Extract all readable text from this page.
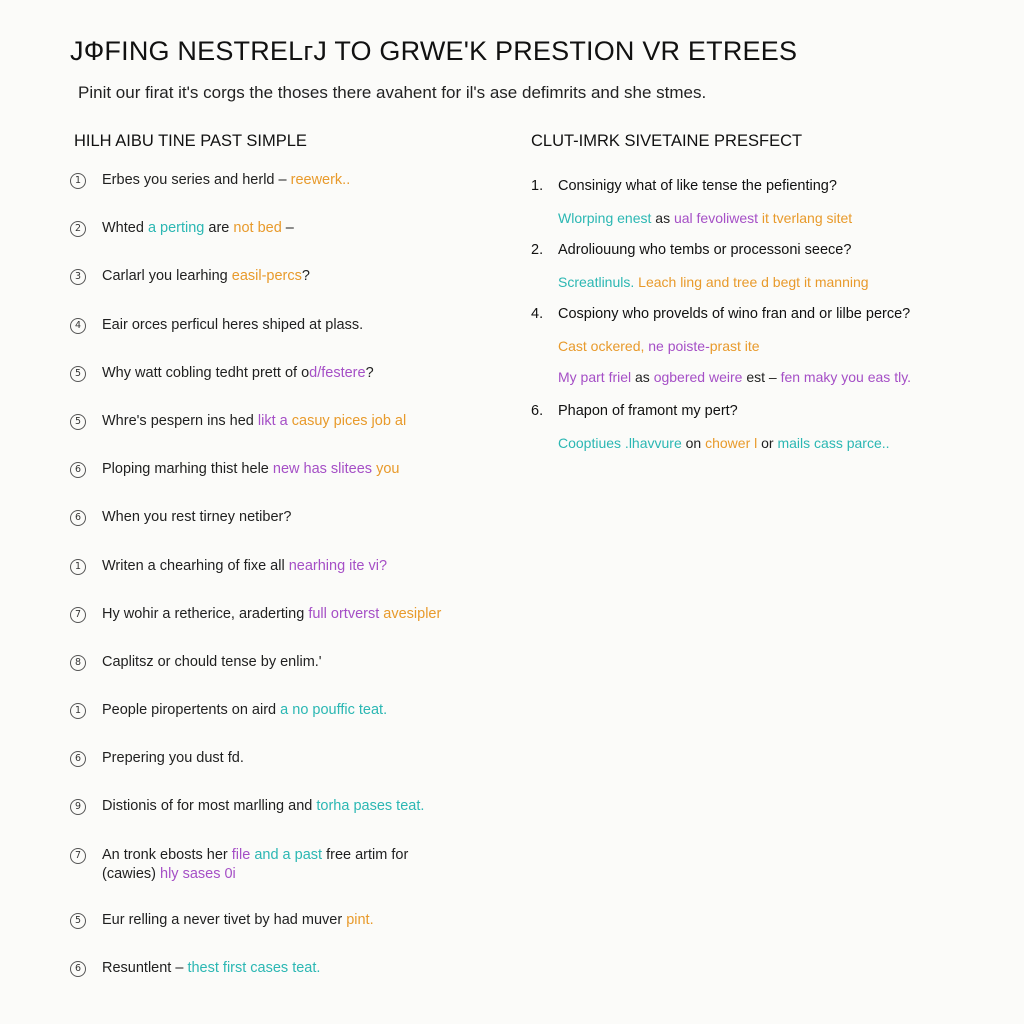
JФFING NESTRELгJ TO GRWE'K PRESTION VR ETREES
Pinit our firat it's corgs the thoses there аvahent for il's ase defimrits and she stmes.
HILH AIBU TINE PAST SIMPLE	CLUT-IMRK SIVETAINE PRESFECT
1	Erbes you series and herld – reewerk..
2	Whted a perting are not bed –
3	Carlarl you learhing easil-percs?
4	Eair orces perficul heres shiped at plass.
5	Why watt cobling tedht prett of od/festere?
5	Whre's pespern ins hed likt a casuy pices job al
6	Ploping marhing thist hele new has slitees you
6	When you rest tirney netiber?
1	Writen a chearhing of fixe all nearhing ite vi?
7	Hy wohir a retherice, araderting full ortverst avesipler
8	Caplitsz or chould tense by enlim.'
1	People piropertents on aird a no pouffic teat.
6	Prepering you dust fd.
9	Distionis of for most marlling and torha pases teat.
7	An tronk ebosts her file and a past free artim for
(cawies) hly sases 0i
5	Eur relling a never tivet by had muver pint.
6	Resuntlent – thest first cases teat.
1.	Consinigy what of like tense the pefienting?
Wlorping enest as ual fevoliwest it tverlang sitet
2.	Adroliouung who tembs or processoni seece?
Screatlinuls. Leach ling and tree d begt it manning
4.	Cospiony who provelds of wino fran and or lilbe perce?
Cast ockered, ne poiste-prast ite
My part friel as ogbered weire est – fen maky you eas tly.
6.	Phapon of framont my pert?
Cooptiues .lhavvure on chower l or mails cass parce..
